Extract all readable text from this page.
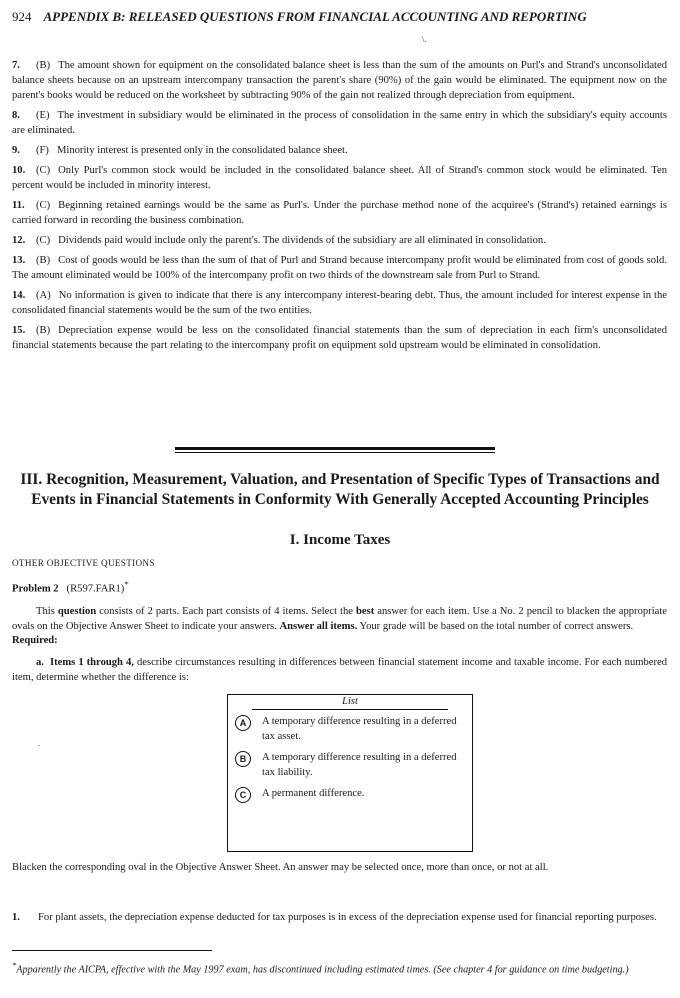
924 APPENDIX B: RELEASED QUESTIONS FROM FINANCIAL ACCOUNTING AND REPORTING
\.

7. (B) The amount shown for equipment on the consolidated balance sheet is less than the sum of the amounts on Purl's and Strand's unconsolidated balance sheets because on an upstream intercompany transaction the parent's share (90%) of the gain would be eliminated. The equipment now on the parent's books would be reduced on the worksheet by subtracting 90% of the gain not realized through depreciation from equipment.

8. (E) The investment in subsidiary would be eliminated in the process of consolidation in the same entry in which the subsidiary's equity accounts are eliminated.

9. (F) Minority interest is presented only in the consolidated balance sheet.

10. (C) Only Purl's common stock would be included in the consolidated balance sheet. All of Strand's common stock would be eliminated. Ten percent would be included in minority interest.

11. (C) Beginning retained earnings would be the same as Purl's. Under the purchase method none of the acquiree's (Strand's) retained earnings is carried forward in recording the business combination.

12. (C) Dividends paid would include only the parent's. The dividends of the subsidiary are all eliminated in consolidation.

13. (B) Cost of goods would be less than the sum of that of Purl and Strand because intercompany profit would be eliminated from cost of goods sold. The amount eliminated would be 100% of the intercompany profit on two thirds of the downstream sale from Purl to Strand.

14. (A) No information is given to indicate that there is any intercompany interest-bearing debt. Thus, the amount included for interest expense in the consolidated financial statements would be the sum of the two entities.

15. (B) Depreciation expense would be less on the consolidated financial statements than the sum of depreciation in each firm's unconsolidated financial statements because the part relating to the intercompany profit on equipment sold upstream would be eliminated in consolidation.

III. Recognition, Measurement, Valuation, and Presentation of Specific Types of Transactions and Events in Financial Statements in Conformity With Generally Accepted Accounting Principles
I. Income Taxes
OTHER OBJECTIVE QUESTIONS
Problem 2 (R597.FAR1)*

This question consists of 2 parts. Each part consists of 4 items. Select the best answer for each item. Use a No. 2 pencil to blacken the appropriate ovals on the Objective Answer Sheet to indicate your answers. Answer all items. Your grade will be based on the total number of correct answers.

Required:

a. Items 1 through 4, describe circumstances resulting in differences between financial statement income and taxable income. For each numbered item, determine whether the difference is:

.
List
A	A temporary difference resulting in a deferred tax asset.
B	A temporary difference resulting in a deferred tax liability.
C	A permanent difference.

Blacken the corresponding oval in the Objective Answer Sheet. An answer may be selected once, more than once, or not at all.

1. For plant assets, the depreciation expense deducted for tax purposes is in excess of the depreciation expense used for financial reporting purposes.
*Apparently the AICPA, effective with the May 1997 exam, has discontinued including estimated times. (See chapter 4 for guidance on time budgeting.)
